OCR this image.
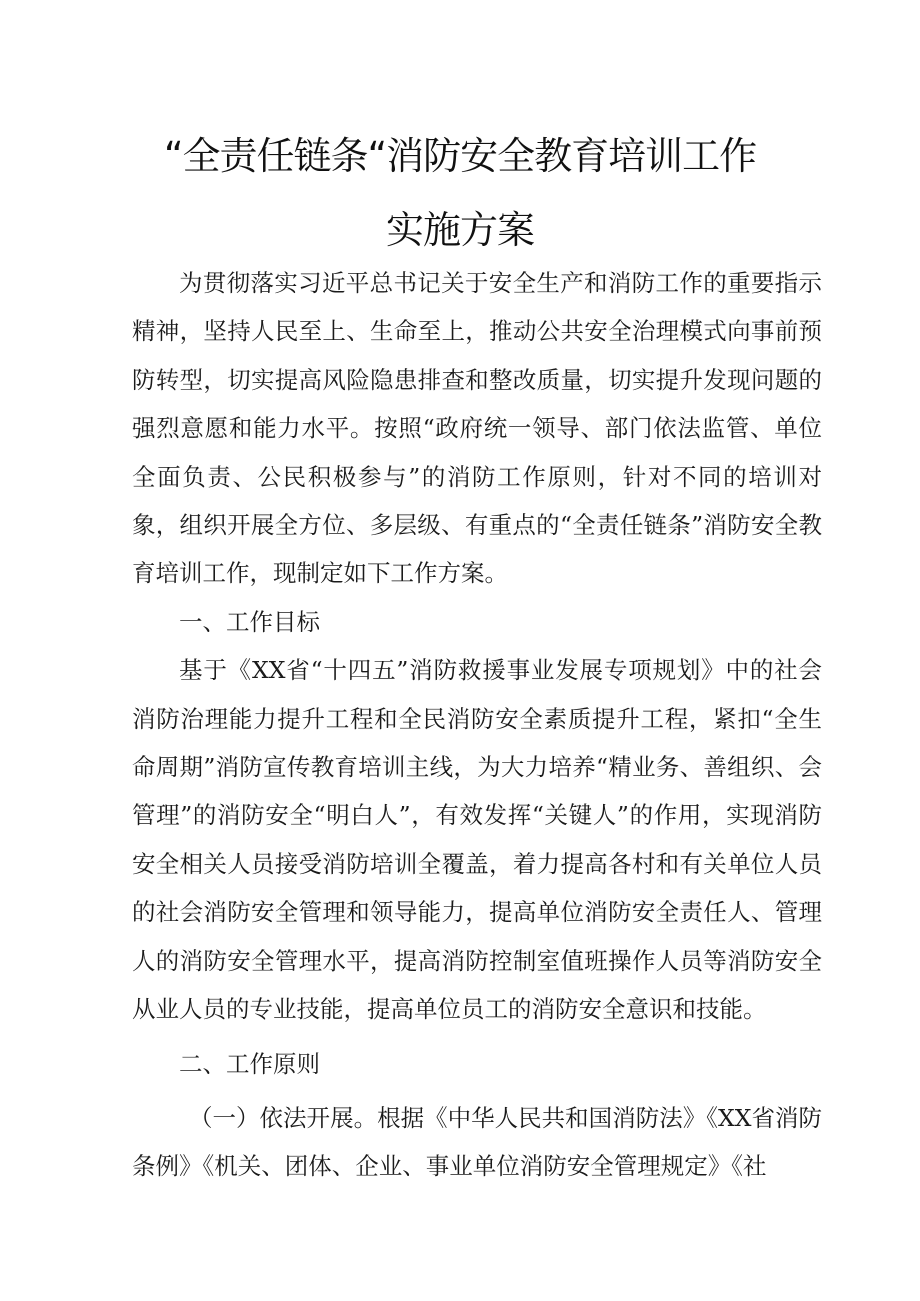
“全责任链条“消防安全教育培训工作
实施方案

为贯彻落实习近平总书记关于安全生产和消防工作的重要指示精神，坚持人民至上、生命至上，推动公共安全治理模式向事前预防转型，切实提高风险隐患排查和整改质量，切实提升发现问题的强烈意愿和能力水平。按照“政府统一领导、部门依法监管、单位全面负责、公民积极参与”的消防工作原则，针对不同的培训对象，组织开展全方位、多层级、有重点的“全责任链条”消防安全教育培训工作，现制定如下工作方案。

一、工作目标

基于《XX省“十四五”消防救援事业发展专项规划》中的社会消防治理能力提升工程和全民消防安全素质提升工程，紧扣“全生命周期”消防宣传教育培训主线，为大力培养“精业务、善组织、会管理”的消防安全“明白人”，有效发挥“关键人”的作用，实现消防安全相关人员接受消防培训全覆盖，着力提高各村和有关单位人员的社会消防安全管理和领导能力，提高单位消防安全责任人、管理人的消防安全管理水平，提高消防控制室值班操作人员等消防安全从业人员的专业技能，提高单位员工的消防安全意识和技能。

二、工作原则

（一）依法开展。根据《中华人民共和国消防法》《XX省消防条例》《机关、团体、企业、事业单位消防安全管理规定》《社
